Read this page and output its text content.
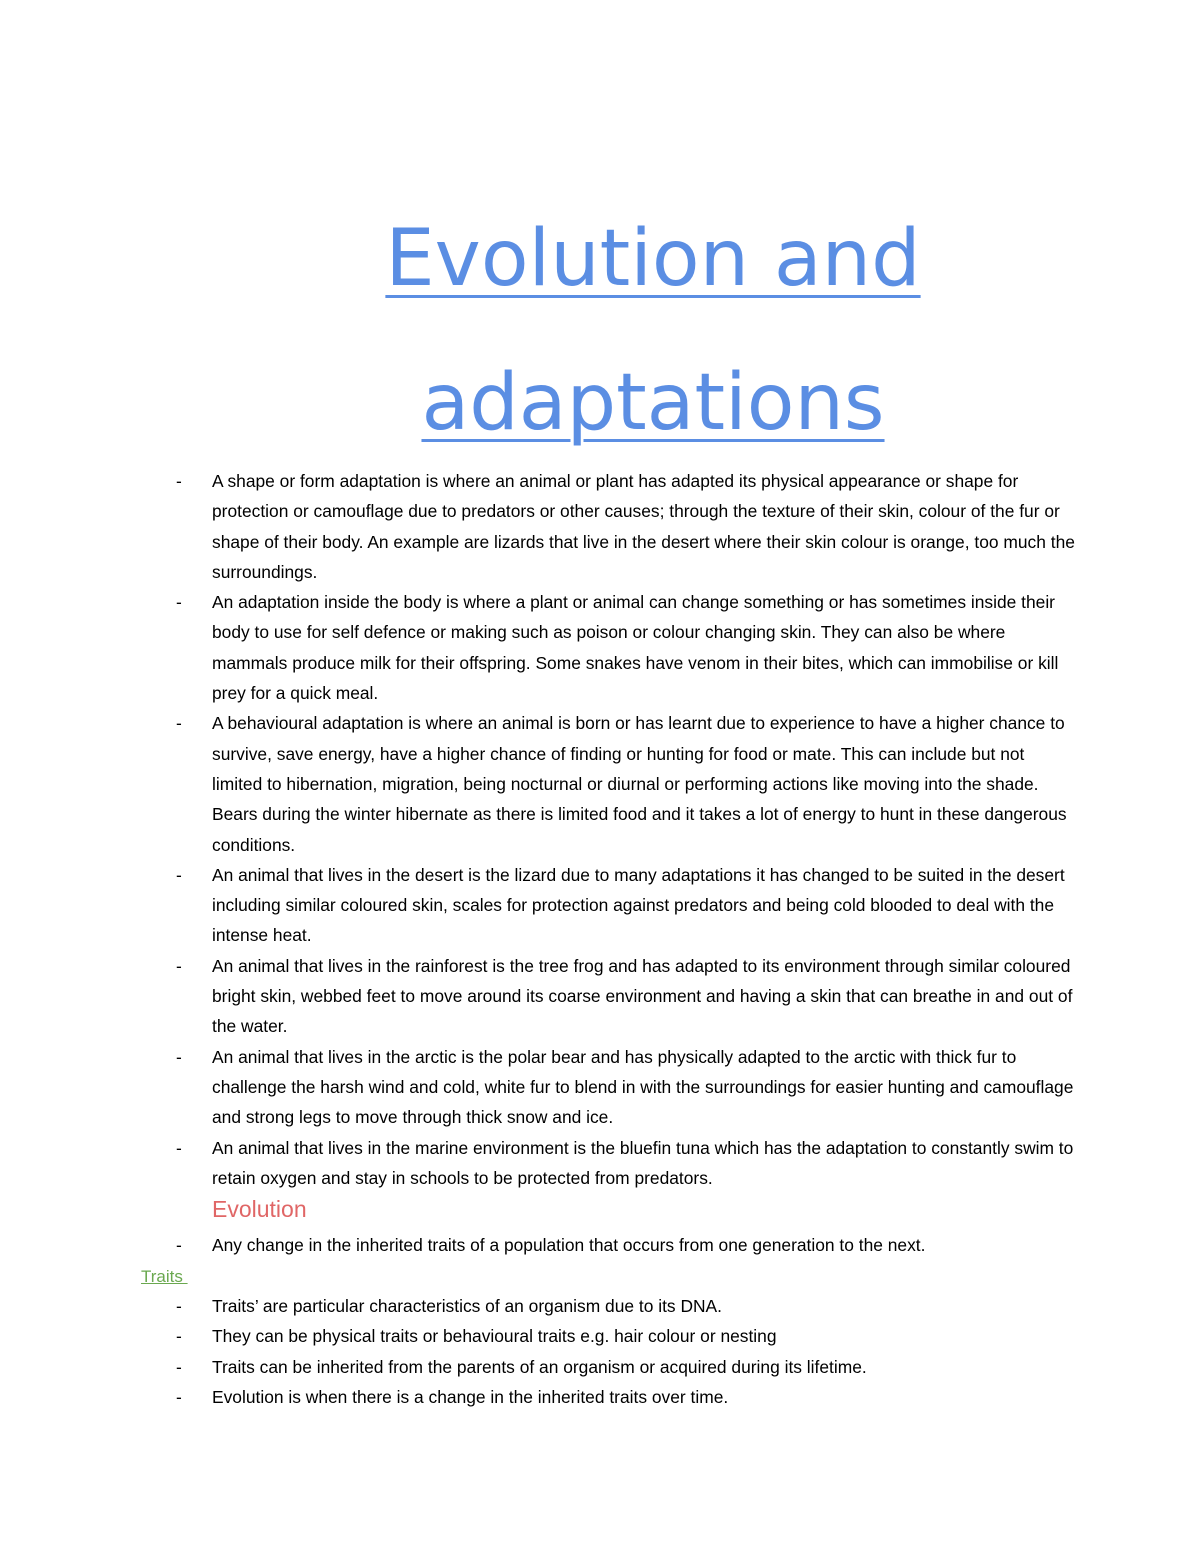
Evolution and
adaptations
- A shape or form adaptation is where an animal or plant has adapted its physical appearance or shape for protection or camouflage due to predators or other causes; through the texture of their skin, colour of the fur or shape of their body. An example are lizards that live in the desert where their skin colour is orange, too much the surroundings.
- An adaptation inside the body is where a plant or animal can change something or has sometimes inside their body to use for self defence or making such as poison or colour changing skin. They can also be where mammals produce milk for their offspring. Some snakes have venom in their bites, which can immobilise or kill prey for a quick meal.
- A behavioural adaptation is where an animal is born or has learnt due to experience to have a higher chance to survive, save energy, have a higher chance of finding or hunting for food or mate. This can include but not limited to hibernation, migration, being nocturnal or diurnal or performing actions like moving into the shade. Bears during the winter hibernate as there is limited food and it takes a lot of energy to hunt in these dangerous conditions.
- An animal that lives in the desert is the lizard due to many adaptations it has changed to be suited in the desert including similar coloured skin, scales for protection against predators and being cold blooded to deal with the intense heat.
- An animal that lives in the rainforest is the tree frog and has adapted to its environment through similar coloured bright skin, webbed feet to move around its coarse environment and having a skin that can breathe in and out of the water.
- An animal that lives in the arctic is the polar bear and has physically adapted to the arctic with thick fur to challenge the harsh wind and cold, white fur to blend in with the surroundings for easier hunting and camouflage and strong legs to move through thick snow and ice.
- An animal that lives in the marine environment is the bluefin tuna which has the adaptation to constantly swim to retain oxygen and stay in schools to be protected from predators.
Evolution
- Any change in the inherited traits of a population that occurs from one generation to the next.
Traits
- Traits’ are particular characteristics of an organism due to its DNA.
- They can be physical traits or behavioural traits e.g. hair colour or nesting
- Traits can be inherited from the parents of an organism or acquired during its lifetime.
- Evolution is when there is a change in the inherited traits over time.
